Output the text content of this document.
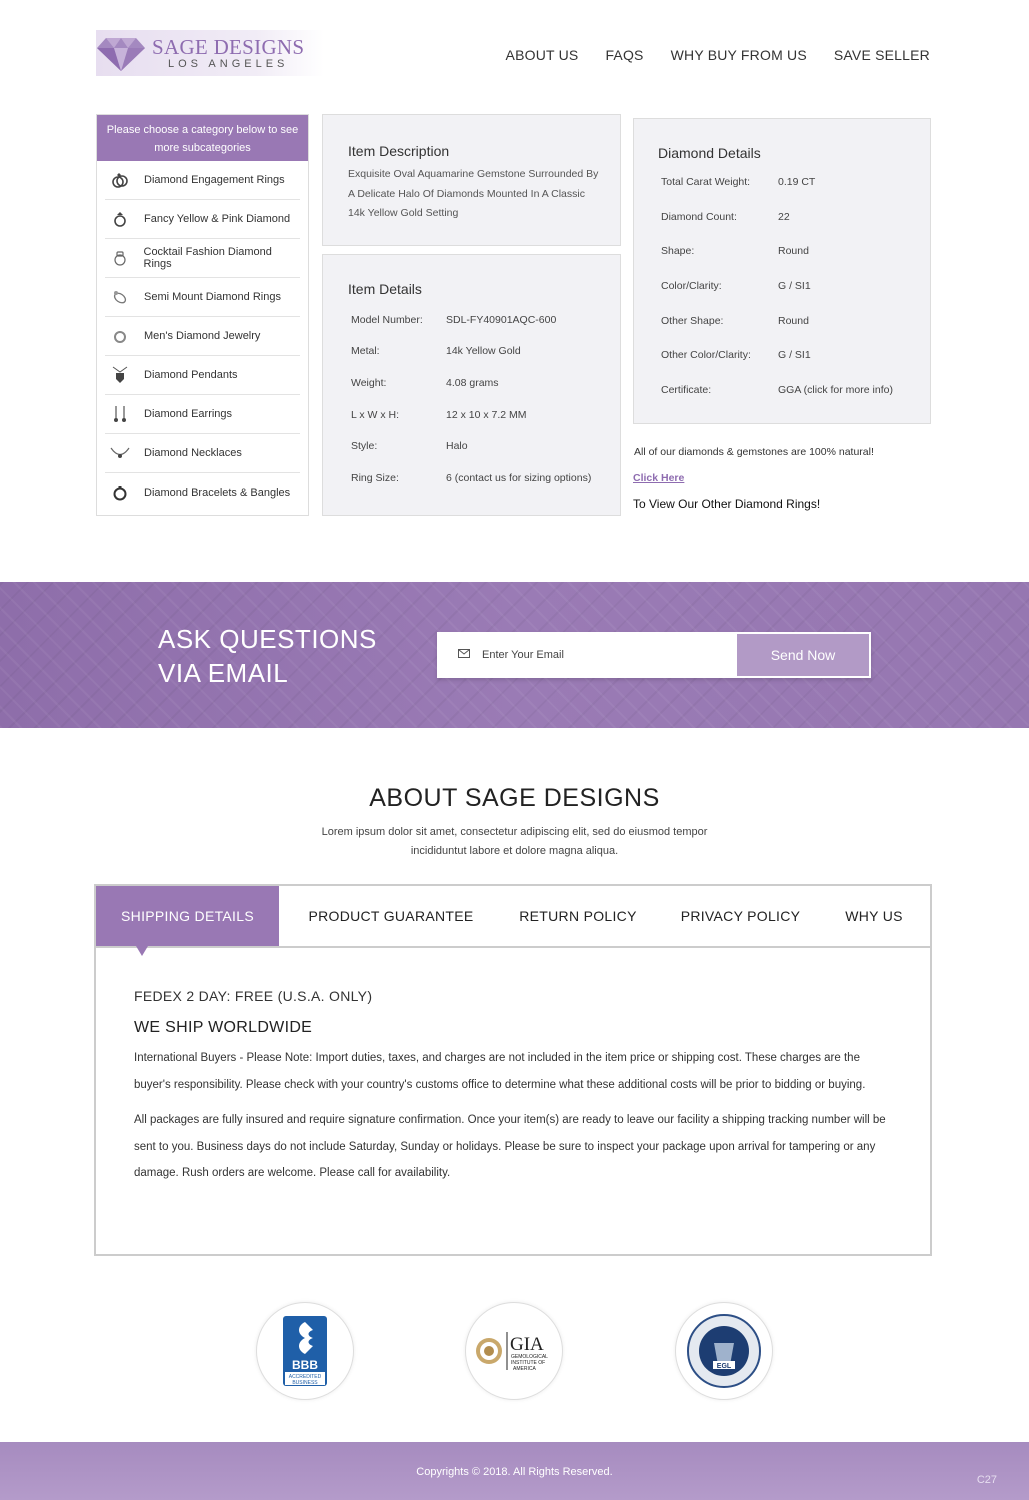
SAGE DESIGNS
LOS ANGELES
ABOUT US FAQS WHY BUY FROM US SAVE SELLER
Please choose a category below to see more subcategories
Diamond Engagement Rings
Fancy Yellow & Pink Diamond
Cocktail Fashion Diamond Rings
Semi Mount Diamond Rings
Men's Diamond Jewelry
Diamond Pendants
Diamond Earrings
Diamond Necklaces
Diamond Bracelets & Bangles
Item Description

Exquisite Oval Aquamarine Gemstone Surrounded By A Delicate Halo Of Diamonds Mounted In A Classic 14k Yellow Gold Setting

Item Details
Model Number:	SDL-FY40901AQC-600
Metal:	14k Yellow Gold
Weight:	4.08 grams
L x W x H:	12 x 10 x 7.2 MM
Style:	Halo
Ring Size:	6 (contact us for sizing options)
Diamond Details
Total Carat Weight:	0.19 CT
Diamond Count:	22
Shape:	Round
Color/Clarity:	G / SI1
Other Shape:	Round
Other Color/Clarity:	G / SI1
Certificate:	GGA (click for more info)
All of our diamonds & gemstones are 100% natural!
Click Here
To View Our Other Diamond Rings!
ASK QUESTIONS
VIA EMAIL
Enter Your Email
Send Now
ABOUT SAGE DESIGNS

Lorem ipsum dolor sit amet, consectetur adipiscing elit, sed do eiusmod tempor incididuntut labore et dolore magna aliqua.

SHIPPING DETAILS	PRODUCT GUARANTEE	RETURN POLICY	PRIVACY POLICY	WHY US
FEDEX 2 DAY: FREE (U.S.A. ONLY)
WE SHIP WORLDWIDE

International Buyers - Please Note: Import duties, taxes, and charges are not included in the item price or shipping cost. These charges are the buyer's responsibility. Please check with your country's customs office to determine what these additional costs will be prior to bidding or buying.

All packages are fully insured and require signature confirmation. Once your item(s) are ready to leave our facility a shipping tracking number will be sent to you. Business days do not include Saturday, Sunday or holidays. Please be sure to inspect your package upon arrival for tampering or any damage. Rush orders are welcome. Please call for availability.

BBB
ACCREDITED
BUSINESS
GIA
GEMOLOGICAL
INSTITUTE OF
AMERICA	EGL
Copyrights © 2018. All Rights Reserved.
C27
